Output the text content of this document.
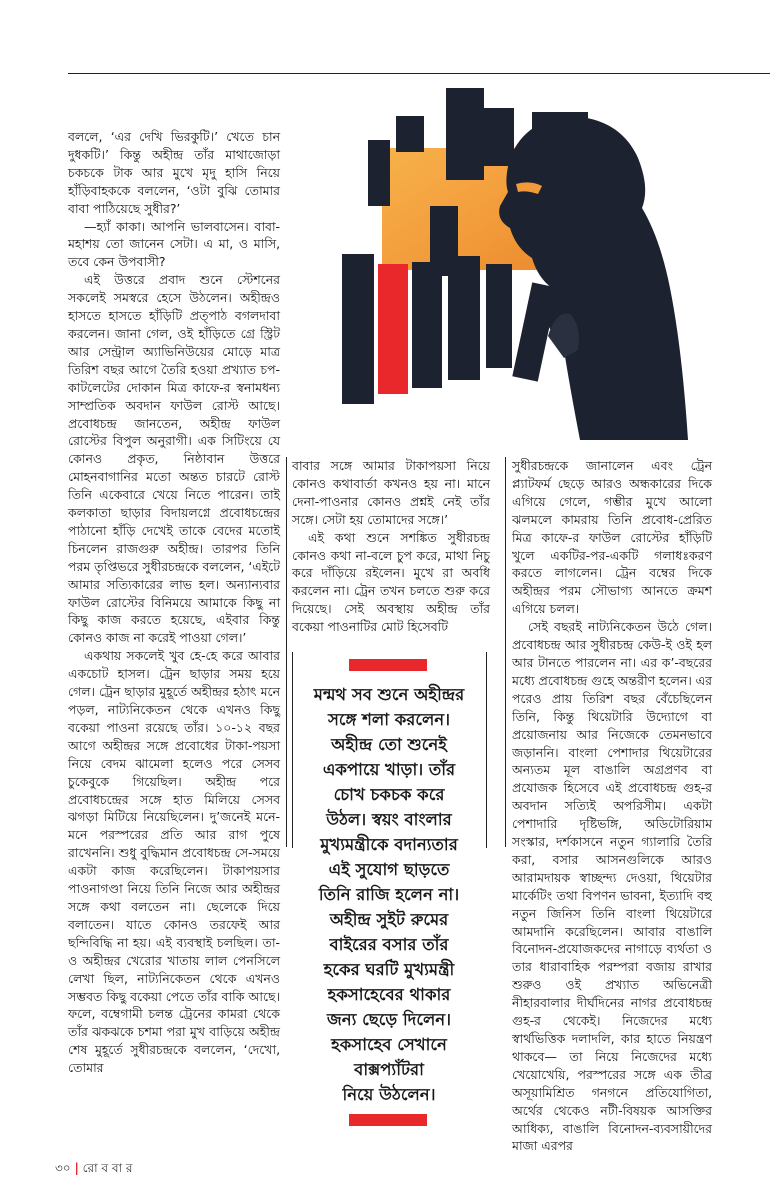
বললে, ‘এর দেখি ভিরকুটি।’ খেতে চান দুধকটি।’ কিন্তু অহীন্দ্র তাঁর মাথাজোড়া চকচকে টাক আর মুখে মৃদু হাসি নিয়ে হাঁড়িবাহককে বললেন, ‘ওটা বুঝি তোমার বাবা পাঠিয়েছে সুধীর?’

—হ্যাঁ কাকা। আপনি ভালবাসেন। বাবা-মহাশয় তো জানেন সেটা। এ মা, ও মাসি, তবে কেন উপবাসী?

এই উত্তরে প্রবাদ শুনে স্টেশনের সকলেই সমস্বরে হেসে উঠলেন। অহীন্দ্রও হাসতে হাসতে হাঁড়িটি প্রত্পাঠ বগলদাবা করলেন। জানা গেল, ওই হাঁড়িতে গ্রে স্ট্রিট আর সেন্ট্রাল অ্যাভিনিউয়ের মোড়ে মাত্র তিরিশ বছর আগে তৈরি হওয়া প্রখ্যাত চপ-কাটলেটের দোকান মিত্র কাফে-র স্বনামধন্য সাম্প্রতিক অবদান ফাউল রোস্ট আছে। প্রবোধচন্দ্র জানতেন, অহীন্দ্র ফাউল রোস্টের বিপুল অনুরাগী। এক সিটিংয়ে যে কোনও প্রকৃত, নিষ্ঠাবান উত্তরে মোহনবাগানির মতো অন্তত চারটে রোস্ট তিনি একেবারে খেয়ে নিতে পারেন। তাই কলকাতা ছাড়ার বিদায়লগ্নে প্রবোধচন্দ্রের পাঠানো হাঁড়ি দেখেই তাকে বেদের মতোই চিনলেন রাজগুরু অহীন্দ্র। তারপর তিনি পরম তৃপ্তিভরে সুধীরচন্দ্রকে বললেন, ‘এইটে আমার সত্যিকারের লাভ হল। অন্যান্যবার ফাউল রোস্টের বিনিময়ে আমাকে কিছু না কিছু কাজ করতে হয়েছে, এইবার কিন্তু কোনও কাজ না করেই পাওয়া গেল।’

একথায় সকলেই খুব হে-হে করে আবার একচোট হাসল। ট্রেন ছাড়ার সময় হয়ে গেল। ট্রেন ছাড়ার মুহূর্তে অহীন্দ্রর হঠাৎ মনে পড়ল, নাট্যনিকেতন থেকে এখনও কিছু বকেয়া পাওনা রয়েছে তাঁর। ১০-১২ বছর আগে অহীন্দ্রর সঙ্গে প্রবোধের টাকা-পয়সা নিয়ে বেদম ঝামেলা হলেও পরে সেসব চুকেবুকে গিয়েছিল। অহীন্দ্র পরে প্রবোধচন্দ্রের সঙ্গে হাত মিলিয়ে সেসব ঝগড়া মিটিয়ে নিয়েছিলেন। দু’জনেই মনে-মনে পরস্পরের প্রতি আর রাগ পুষে রাখেননি। শুধু বুদ্ধিমান প্রবোধচন্দ্র সে-সময়ে একটা কাজ করেছিলেন। টাকাপয়সার পাওনাগণ্ডা নিয়ে তিনি নিজে আর অহীন্দ্রর সঙ্গে কথা বলতেন না। ছেলেকে দিয়ে বলাতেন। যাতে কোনও তরফেই আর ছন্দিবিদ্ধি না হয়। এই ব্যবস্থাই চলছিল। তা-ও অহীন্দ্রর খেরোর খাতায় লাল পেনসিলে লেখা ছিল, নাট্যনিকেতন থেকে এখনও সম্ভবত কিছু বকেয়া পেতে তাঁর বাকি আছে। ফলে, বম্বেগামী চলন্ত ট্রেনের কামরা থেকে তাঁর ঝকঝকে চশমা পরা মুখ বাড়িয়ে অহীন্দ্র শেষ মুহূর্তে সুধীরচন্দ্রকে বললেন, ‘দেখো, তোমার

বাবার সঙ্গে আমার টাকাপয়সা নিয়ে কোনও কথাবার্তা কখনও হয় না। মানে দেনা-পাওনার কোনও প্রশ্নই নেই তাঁর সঙ্গে। সেটা হয় তোমাদের সঙ্গে।’

এই কথা শুনে সশঙ্কিত সুধীরচন্দ্র কোনও কথা না-বলে চুপ করে, মাথা নিচু করে দাঁড়িয়ে রইলেন। মুখে রা অবধি করলেন না। ট্রেন তখন চলতে শুরু করে দিয়েছে। সেই অবস্থায় অহীন্দ্র তাঁর বকেয়া পাওনাটির মোট হিসেবটি

সুধীরচন্দ্রকে জানালেন এবং ট্রেন প্ল্যাটফর্ম ছেড়ে আরও অন্ধকারের দিকে এগিয়ে গেলে, গম্ভীর মুখে আলো ঝলমলে কামরায় তিনি প্রবোধ-প্রেরিত মিত্র কাফে-র ফাউল রোস্টের হাঁড়িটি খুলে একটির-পর-একটি গলাধঃকরণ করতে লাগলেন। ট্রেন বম্বের দিকে অহীন্দ্রর পরম সৌভাগ্য আনতে ক্রমশ এগিয়ে চলল।

সেই বছরই নাট্যনিকেতন উঠে গেল। প্রবোধচন্দ্র আর সুধীরচন্দ্র কেউ-ই ওই হল আর টানতে পারলেন না। এর ক’-বছরের মধ্যে প্রবোধচন্দ্র গুহে অন্তরীণ হলেন। এর পরেও প্রায় তিরিশ বছর বেঁচেছিলেন তিনি, কিন্তু থিয়েটারি উদ্যোগে বা প্রয়োজনায় আর নিজেকে তেমনভাবে জড়াননি। বাংলা পেশাদার থিয়েটারের অন্যতম মূল বাঙালি অগ্রপ্রণব বা প্রযোজক হিসেবে এই প্রবোধচন্দ্র গুহ-র অবদান সত্যিই অপরিসীম। একটা পেশাদারি দৃষ্টিভঙ্গি, অডিটোরিয়াম সংস্কার, দর্শকাসনে নতুন গ্যালারি তৈরি করা, বসার আসনগুলিকে আরও আরামদায়ক স্বাচ্ছন্দ্য দেওয়া, থিয়েটার মার্কেটিং তথা বিপণন ভাবনা, ইত্যাদি বহু নতুন জিনিস তিনি বাংলা থিয়েটারে আমদানি করেছিলেন। আবার বাঙালি বিনোদন-প্রযোজকদের নাগাড়ে ব্যর্থতা ও তার ধারাবাহিক পরম্পরা বজায় রাখার শুরুও ওই প্রখ্যাত অভিনেত্রী নীহারবালার দীর্ঘদিনের নাগর প্রবোধচন্দ্র গুহ-র থেকেই। নিজেদের মধ্যে স্বার্থভিত্তিক দলাদলি, কার হাতে নিয়ন্ত্রণ থাকবে— তা নিয়ে নিজেদের মধ্যে খেয়োখেয়ি, পরস্পরের সঙ্গে এক তীব্র অসূয়ামিশ্রিত গনগনে প্রতিযোগিতা, অর্থের থেকেও নটী-বিষয়ক আসক্তির আধিক্য, বাঙালি বিনোদন-ব্যবসায়ীদের মাজা এরপর

মন্মথ সব শুনে অহীন্দ্রর
সঙ্গে শলা করলেন।
অহীন্দ্র তো শুনেই
একপায়ে খাড়া। তাঁর
চোখ চকচক করে
উঠল। স্বয়ং বাংলার
মুখ্যমন্ত্রীকে বদান্যতার
এই সুযোগ ছাড়তে
তিনি রাজি হলেন না।
অহীন্দ্র সুইট রুমের
বাইরের বসার তাঁর
হকের ঘরটি মুখ্যমন্ত্রী
হকসাহেবের থাকার
জন্য ছেড়ে দিলেন।
হকসাহেব সেখানে
বাক্সপ্যাঁটরা
নিয়ে উঠলেন।
৩০ | রো ব বা র
